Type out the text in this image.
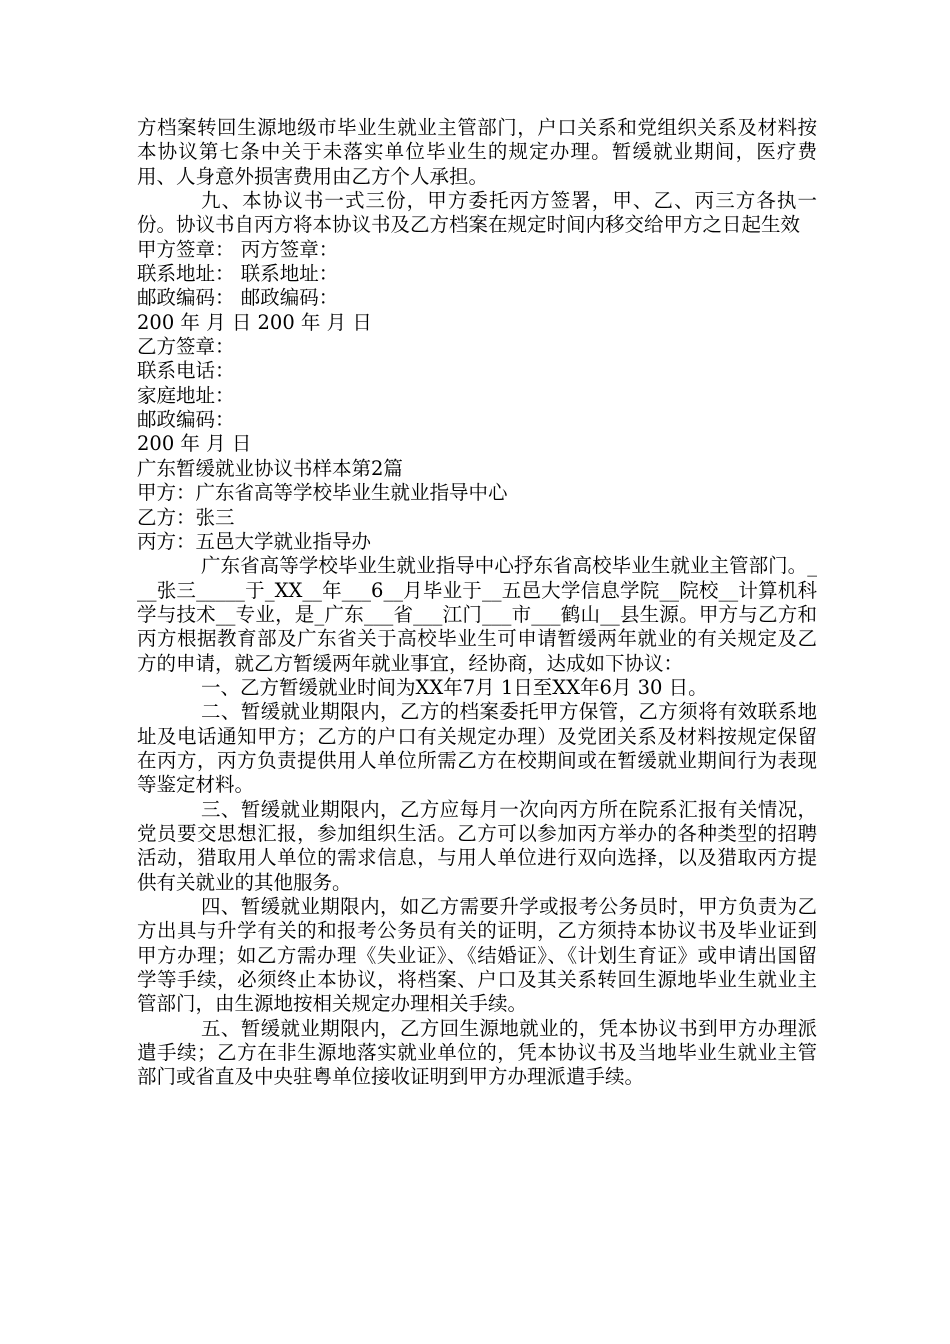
方档案转回生源地级市毕业生就业主管部门，户口关系和党组织关系及材料按本协议第七条中关于未落实单位毕业生的规定办理。暂缓就业期间，医疗费用、人身意外损害费用由乙方个人承担。

九、本协议书一式三份，甲方委托丙方签署，甲、乙、丙三方各执一份。协议书自丙方将本协议书及乙方档案在规定时间内移交给甲方之日起生效

甲方签章： 丙方签章：

联系地址： 联系地址：

邮政编码： 邮政编码：

200 年 月 日 200 年 月 日

乙方签章：

联系电话：

家庭地址：

邮政编码：

200 年 月 日

广东暂缓就业协议书样本第2篇

甲方：广东省高等学校毕业生就业指导中心

乙方：张三

丙方：五邑大学就业指导办

广东省高等学校毕业生就业指导中心抒东省高校毕业生就业主管部门。___张三_____于_XX__年___6__月毕业于__五邑大学信息学院__院校__计算机科学与技术__专业，是_广东___省___江门___市___鹤山__县生源。甲方与乙方和丙方根据教育部及广东省关于高校毕业生可申请暂缓两年就业的有关规定及乙方的申请，就乙方暂缓两年就业事宜，经协商，达成如下协议：

一、乙方暂缓就业时间为XX年7月 1日至XX年6月 30 日。

二、暂缓就业期限内，乙方的档案委托甲方保管，乙方须将有效联系地址及电话通知甲方；乙方的户口有关规定办理）及党团关系及材料按规定保留在丙方，丙方负责提供用人单位所需乙方在校期间或在暂缓就业期间行为表现等鉴定材料。

三、暂缓就业期限内，乙方应每月一次向丙方所在院系汇报有关情况，党员要交思想汇报，参加组织生活。乙方可以参加丙方举办的各种类型的招聘活动，猎取用人单位的需求信息，与用人单位进行双向选择，以及猎取丙方提供有关就业的其他服务。

四、暂缓就业期限内，如乙方需要升学或报考公务员时，甲方负责为乙方出具与升学有关的和报考公务员有关的证明，乙方须持本协议书及毕业证到甲方办理；如乙方需办理《失业证》、《结婚证》、《计划生育证》或申请出国留学等手续，必须终止本协议，将档案、户口及其关系转回生源地毕业生就业主管部门，由生源地按相关规定办理相关手续。

五、暂缓就业期限内，乙方回生源地就业的，凭本协议书到甲方办理派遣手续；乙方在非生源地落实就业单位的，凭本协议书及当地毕业生就业主管部门或省直及中央驻粤单位接收证明到甲方办理派遣手续。
